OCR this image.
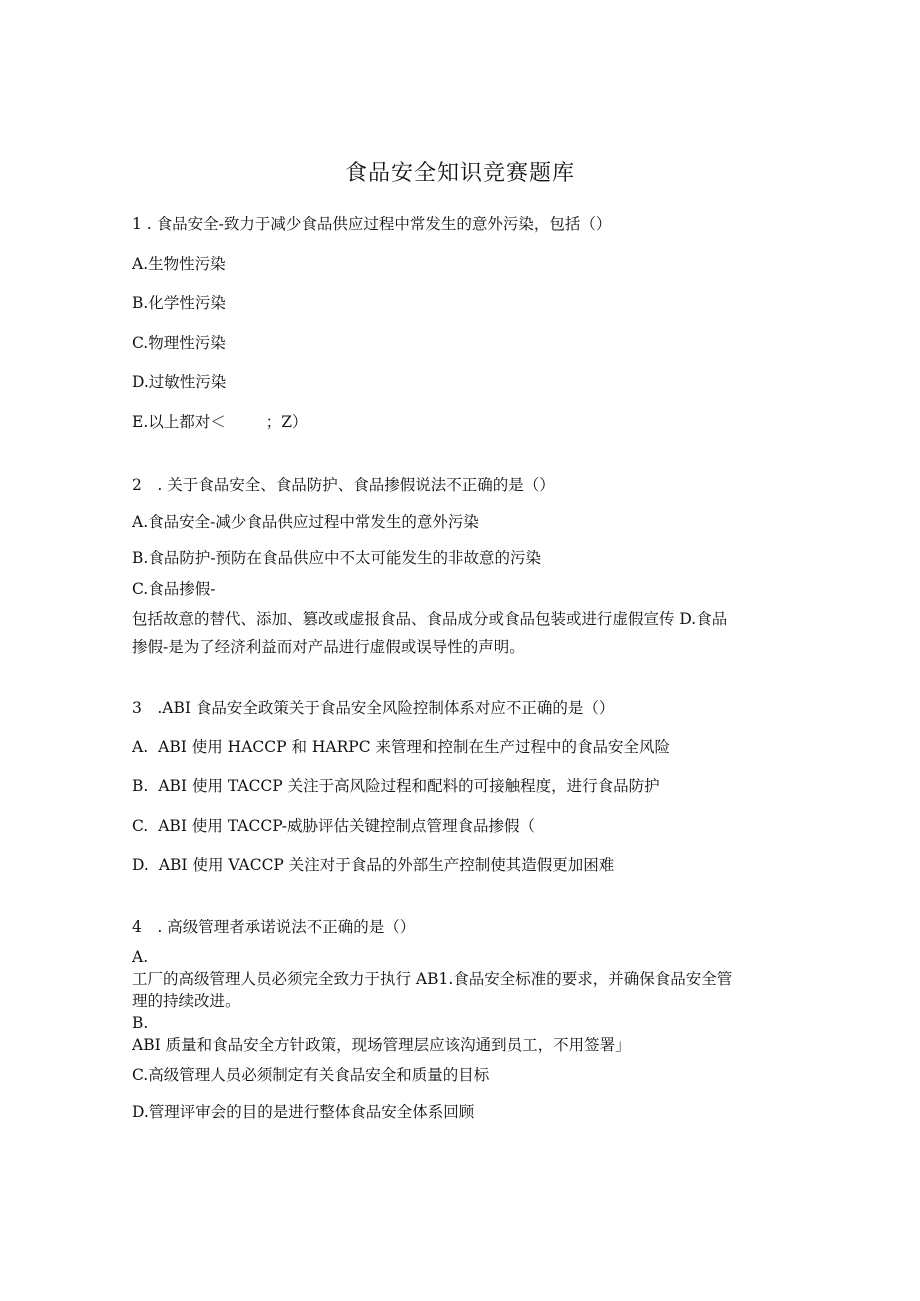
食品安全知识竞赛题库
1 . 食品安全-致力于减少食品供应过程中常发生的意外污染，包括（）
A.生物性污染
B.化学性污染
C.物理性污染
D.过敏性污染
E.以上都对＜	；Z）
2　. 关于食品安全、食品防护、食品掺假说法不正确的是（）
A.食品安全-减少食品供应过程中常发生的意外污染
B.食品防护-预防在食品供应中不太可能发生的非故意的污染
C.食品掺假-
包括故意的替代、添加、篡改或虚报食品、食品成分或食品包装或进行虚假宣传 D.食品
掺假-是为了经济利益而对产品进行虚假或误导性的声明。
3　.ABI 食品安全政策关于食品安全风险控制体系对应不正确的是（）
A. ABI 使用 HACCP 和 HARPC 来管理和控制在生产过程中的食品安全风险
B. ABI 使用 TACCP 关注于高风险过程和配料的可接触程度，进行食品防护
C. ABI 使用 TACCP-威胁评估关键控制点管理食品掺假（
D. ABI 使用 VACCP 关注对于食品的外部生产控制使其造假更加困难
4　. 高级管理者承诺说法不正确的是（）
A.
工厂的高级管理人员必须完全致力于执行 AB1.食品安全标准的要求，并确保食品安全管
理的持续改进。
B.
ABI 质量和食品安全方针政策，现场管理层应该沟通到员工，不用签署」
C.高级管理人员必须制定有关食品安全和质量的目标
D.管理评审会的目的是进行整体食品安全体系回顾
